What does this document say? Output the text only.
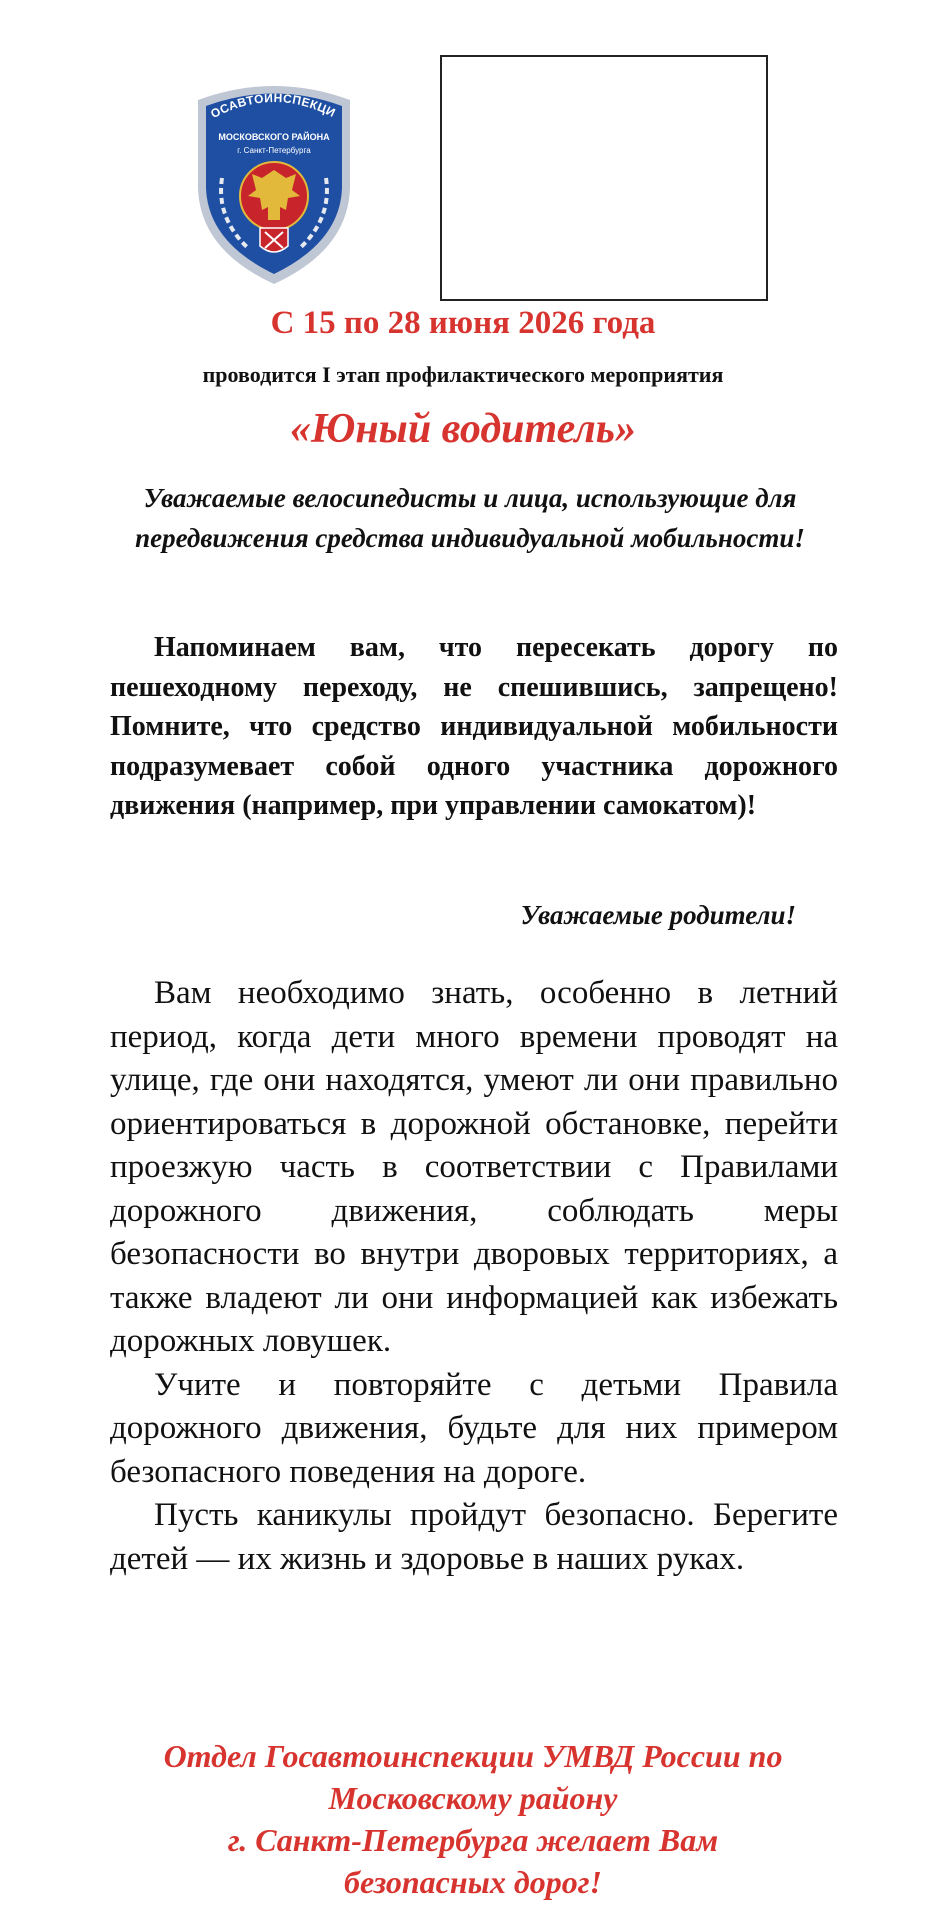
ОСАВТОИНСПЕКЦИ
МОСКОВСКОГО РАЙОНА
г. Санкт-Петербурга
С 15 по 28 июня 2026 года
проводится I этап профилактического мероприятия
«Юный водитель»
Уважаемые велосипедисты и лица, использующие для передвижения средства индивидуальной мобильности!
Напоминаем вам, что пересекать дорогу по пешеходному переходу, не спешившись, запрещено! Помните, что средство индивидуальной мобильности подразумевает собой одного участника дорожного движения (например, при управлении самокатом)!
Уважаемые родители!

Вам необходимо знать, особенно в летний период, когда дети много времени проводят на улице, где они находятся, умеют ли они правильно ориентироваться в дорожной обстановке, перейти проезжую часть в соответствии с Правилами дорожного движения, соблюдать меры безопасности во внутри дворовых территориях, а также владеют ли они информацией как избежать дорожных ловушек.

Учите и повторяйте с детьми Правила дорожного движения, будьте для них примером безопасного поведения на дороге.

Пусть каникулы пройдут безопасно. Берегите детей — их жизнь и здоровье в наших руках.

Отдел Госавтоинспекции УМВД России по
Московскому району
г. Санкт-Петербурга желает Вам
безопасных дорог!
